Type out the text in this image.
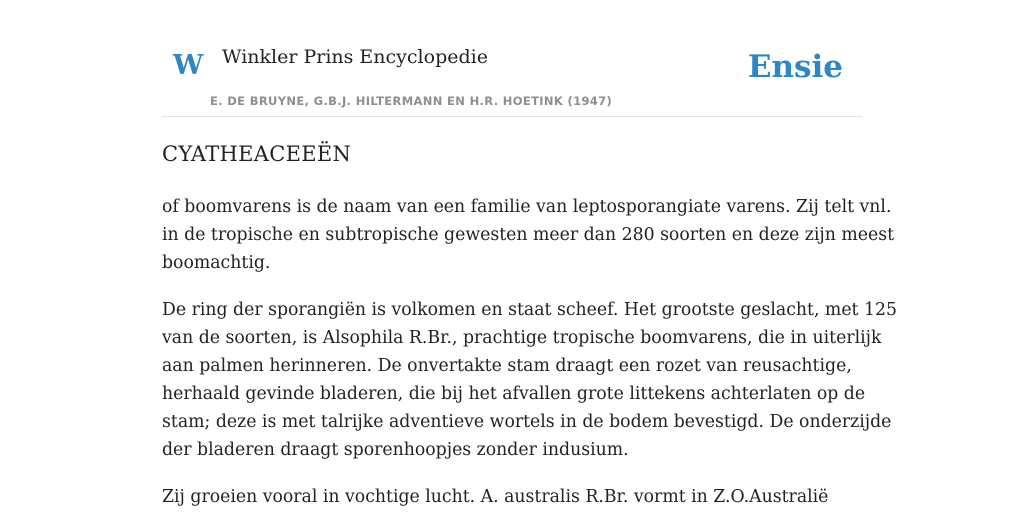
W Winkler Prins Encyclopedie
E. DE BRUYNE, G.B.J. HILTERMANN EN H.R. HOETINK (1947)
Ensie
CYATHEACEEËN

of boomvarens is de naam van een familie van leptosporangiate varens. Zij telt vnl.
in de tropische en subtropische gewesten meer dan 280 soorten en deze zijn meest
boomachtig.

De ring der sporangiën is volkomen en staat scheef. Het grootste geslacht, met 125
van de soorten, is Alsophila R.Br., prachtige tropische boomvarens, die in uiterlijk
aan palmen herinneren. De onvertakte stam draagt een rozet van reusachtige,
herhaald gevinde bladeren, die bij het afvallen grote littekens achterlaten op de
stam; deze is met talrijke adventieve wortels in de bodem bevestigd. De onderzijde
der bladeren draagt sporenhoopjes zonder indusium.

Zij groeien vooral in vochtige lucht. A. australis R.Br. vormt in Z.O.Australië
